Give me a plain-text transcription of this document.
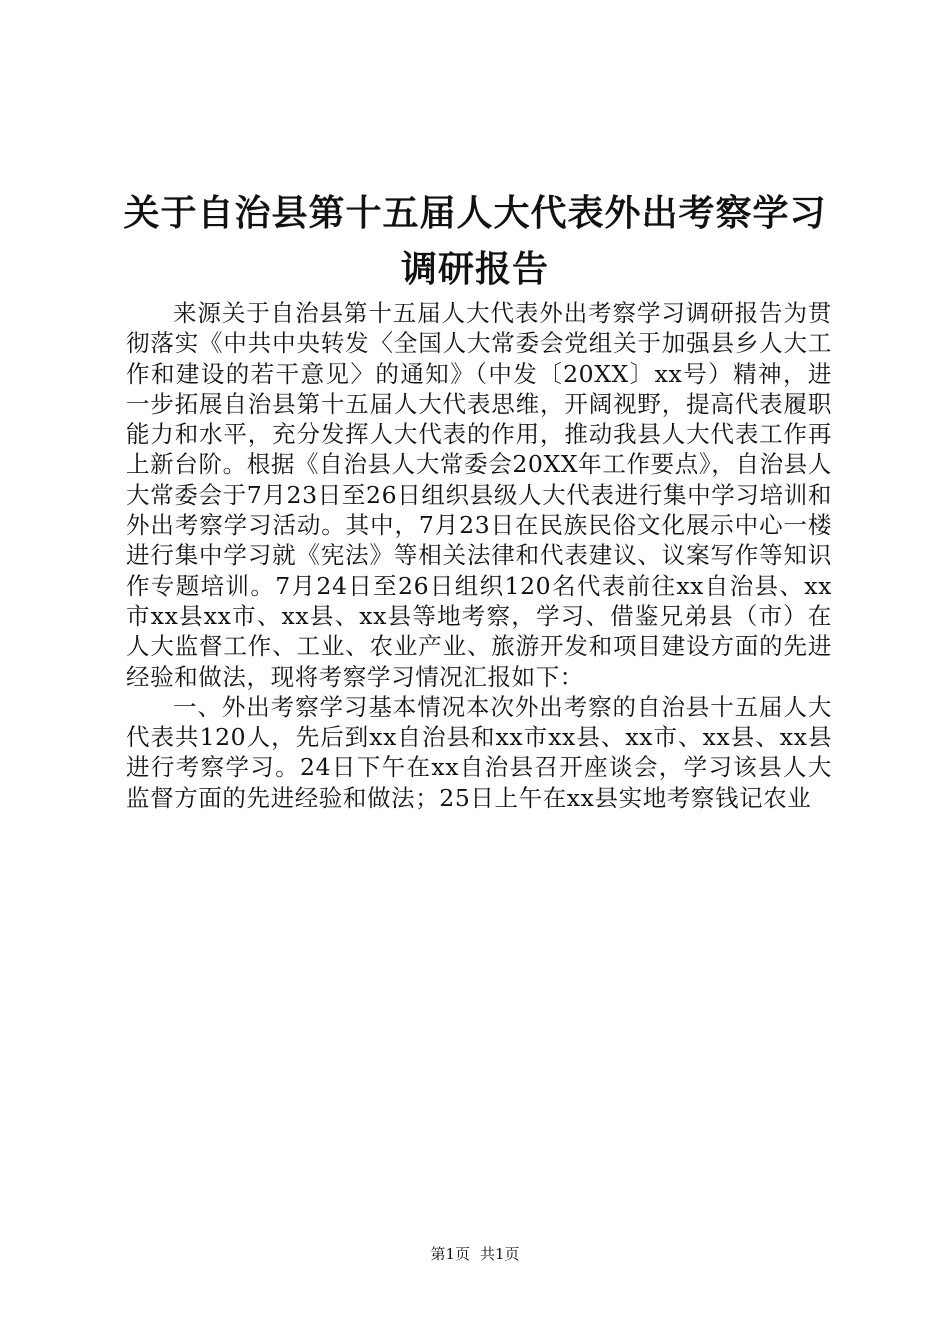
关于自治县第十五届人大代表外出考察学习调研报告

来源关于自治县第十五届人大代表外出考察学习调研报告为贯彻落实《中共中央转发〈全国人大常委会党组关于加强县乡人大工作和建设的若干意见〉的通知》（中发〔20XX〕xx号）精神，进一步拓展自治县第十五届人大代表思维，开阔视野，提高代表履职能力和水平，充分发挥人大代表的作用，推动我县人大代表工作再上新台阶。根据《自治县人大常委会20XX年工作要点》，自治县人大常委会于7月23日至26日组织县级人大代表进行集中学习培训和外出考察学习活动。其中，7月23日在民族民俗文化展示中心一楼进行集中学习就《宪法》等相关法律和代表建议、议案写作等知识作专题培训。7月24日至26日组织120名代表前往xx自治县、xx市xx县xx市、xx县、xx县等地考察，学习、借鉴兄弟县（市）在人大监督工作、工业、农业产业、旅游开发和项目建设方面的先进经验和做法，现将考察学习情况汇报如下：

一、外出考察学习基本情况本次外出考察的自治县十五届人大代表共120人，先后到xx自治县和xx市xx县、xx市、xx县、xx县进行考察学习。24日下午在xx自治县召开座谈会，学习该县人大监督方面的先进经验和做法；25日上午在xx县实地考察钱记农业

第1页 共1页
